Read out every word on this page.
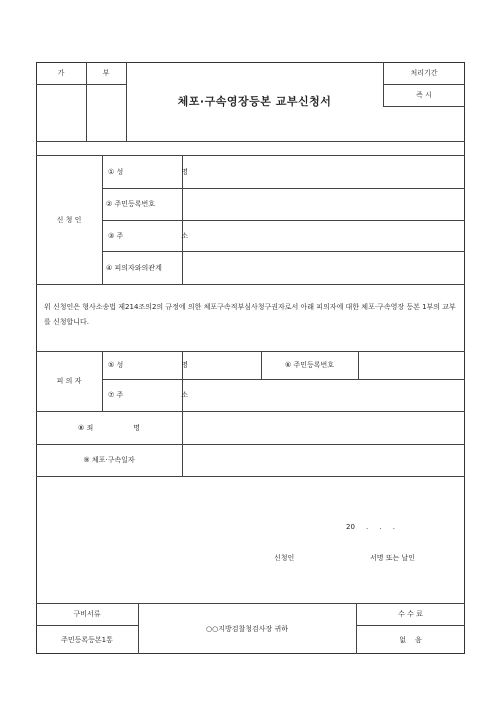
가	부
체포·구속영장등본 교부신청서
처리기간
즉 시
신 청 인
① 성	명
② 주민등록번호
③ 주	소
④ 피의자와의관계
위 신청인은 형사소송법 제214조의2의 규정에 의한 체포구속적부심사청구권자로서 아래 피의자에 대한 체포·구속영장 등본 1부의 교부를 신청합니다.
피 의 자
⑤ 성	명	⑥ 주민등록번호
⑦ 주	소
⑧ 죄	명
⑨ 체포·구속일자
20     .     .     .
신청인	서명 또는 날인
구비서류
주민등록등본1통
○○지방검찰청검사장 귀하
수 수 료
없    음
